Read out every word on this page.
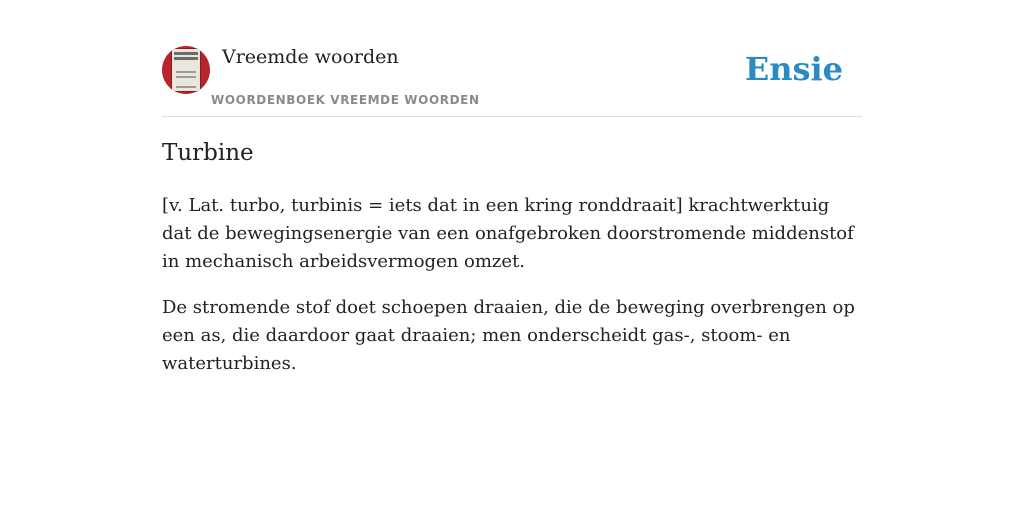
Vreemde woorden
WOORDENBOEK VREEMDE WOORDEN
Ensie
Turbine

[v. Lat. turbo, turbinis = iets dat in een kring ronddraait] krachtwerktuig dat de bewegingsenergie van een onafgebroken doorstromende middenstof in mechanisch arbeidsvermogen omzet.

De stromende stof doet schoepen draaien, die de beweging overbrengen op een as, die daardoor gaat draaien; men onderscheidt gas-, stoom- en waterturbines.
